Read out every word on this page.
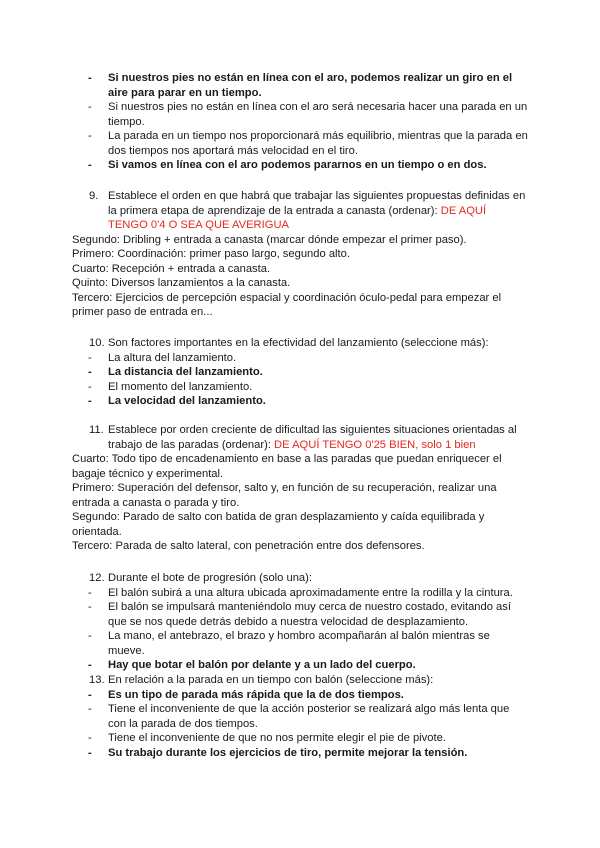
- Si nuestros pies no están en línea con el aro, podemos realizar un giro en el aire para parar en un tiempo.
- Si nuestros pies no están en línea con el aro será necesaria hacer una parada en un tiempo.
- La parada en un tiempo nos proporcionará más equilibrio, mientras que la parada en dos tiempos nos aportará más velocidad en el tiro.
- Si vamos en línea con el aro podemos pararnos en un tiempo o en dos.
9. Establece el orden en que habrá que trabajar las siguientes propuestas definidas en la primera etapa de aprendizaje de la entrada a canasta (ordenar): DE AQUÍ TENGO 0'4 O SEA QUE AVERIGUA
Segundo: Dribling + entrada a canasta (marcar dónde empezar el primer paso).
Primero: Coordinación: primer paso largo, segundo alto.
Cuarto: Recepción + entrada a canasta.
Quinto: Diversos lanzamientos a la canasta.
Tercero: Ejercicios de percepción espacial y coordinación óculo-pedal para empezar el primer paso de entrada en...
10. Son factores importantes en la efectividad del lanzamiento (seleccione más):
- La altura del lanzamiento.
- La distancia del lanzamiento.
- El momento del lanzamiento.
- La velocidad del lanzamiento.
11. Establece por orden creciente de dificultad las siguientes situaciones orientadas al trabajo de las paradas (ordenar): DE AQUÍ TENGO 0'25 BIEN, solo 1 bien
Cuarto: Todo tipo de encadenamiento en base a las paradas que puedan enriquecer el bagaje técnico y experimental.
Primero: Superación del defensor, salto y, en función de su recuperación, realizar una entrada a canasta o parada y tiro.
Segundo: Parado de salto con batida de gran desplazamiento y caída equilibrada y orientada.
Tercero: Parada de salto lateral, con penetración entre dos defensores.
12. Durante el bote de progresión (solo una):
- El balón subirá a una altura ubicada aproximadamente entre la rodilla y la cintura.
- El balón se impulsará manteniéndolo muy cerca de nuestro costado, evitando así que se nos quede detrás debido a nuestra velocidad de desplazamiento.
- La mano, el antebrazo, el brazo y hombro acompañarán al balón mientras se mueve.
- Hay que botar el balón por delante y a un lado del cuerpo.
13. En relación a la parada en un tiempo con balón (seleccione más):
- Es un tipo de parada más rápida que la de dos tiempos.
- Tiene el inconveniente de que la acción posterior se realizará algo más lenta que con la parada de dos tiempos.
- Tiene el inconveniente de que no nos permite elegir el pie de pivote.
- Su trabajo durante los ejercicios de tiro, permite mejorar la tensión.
